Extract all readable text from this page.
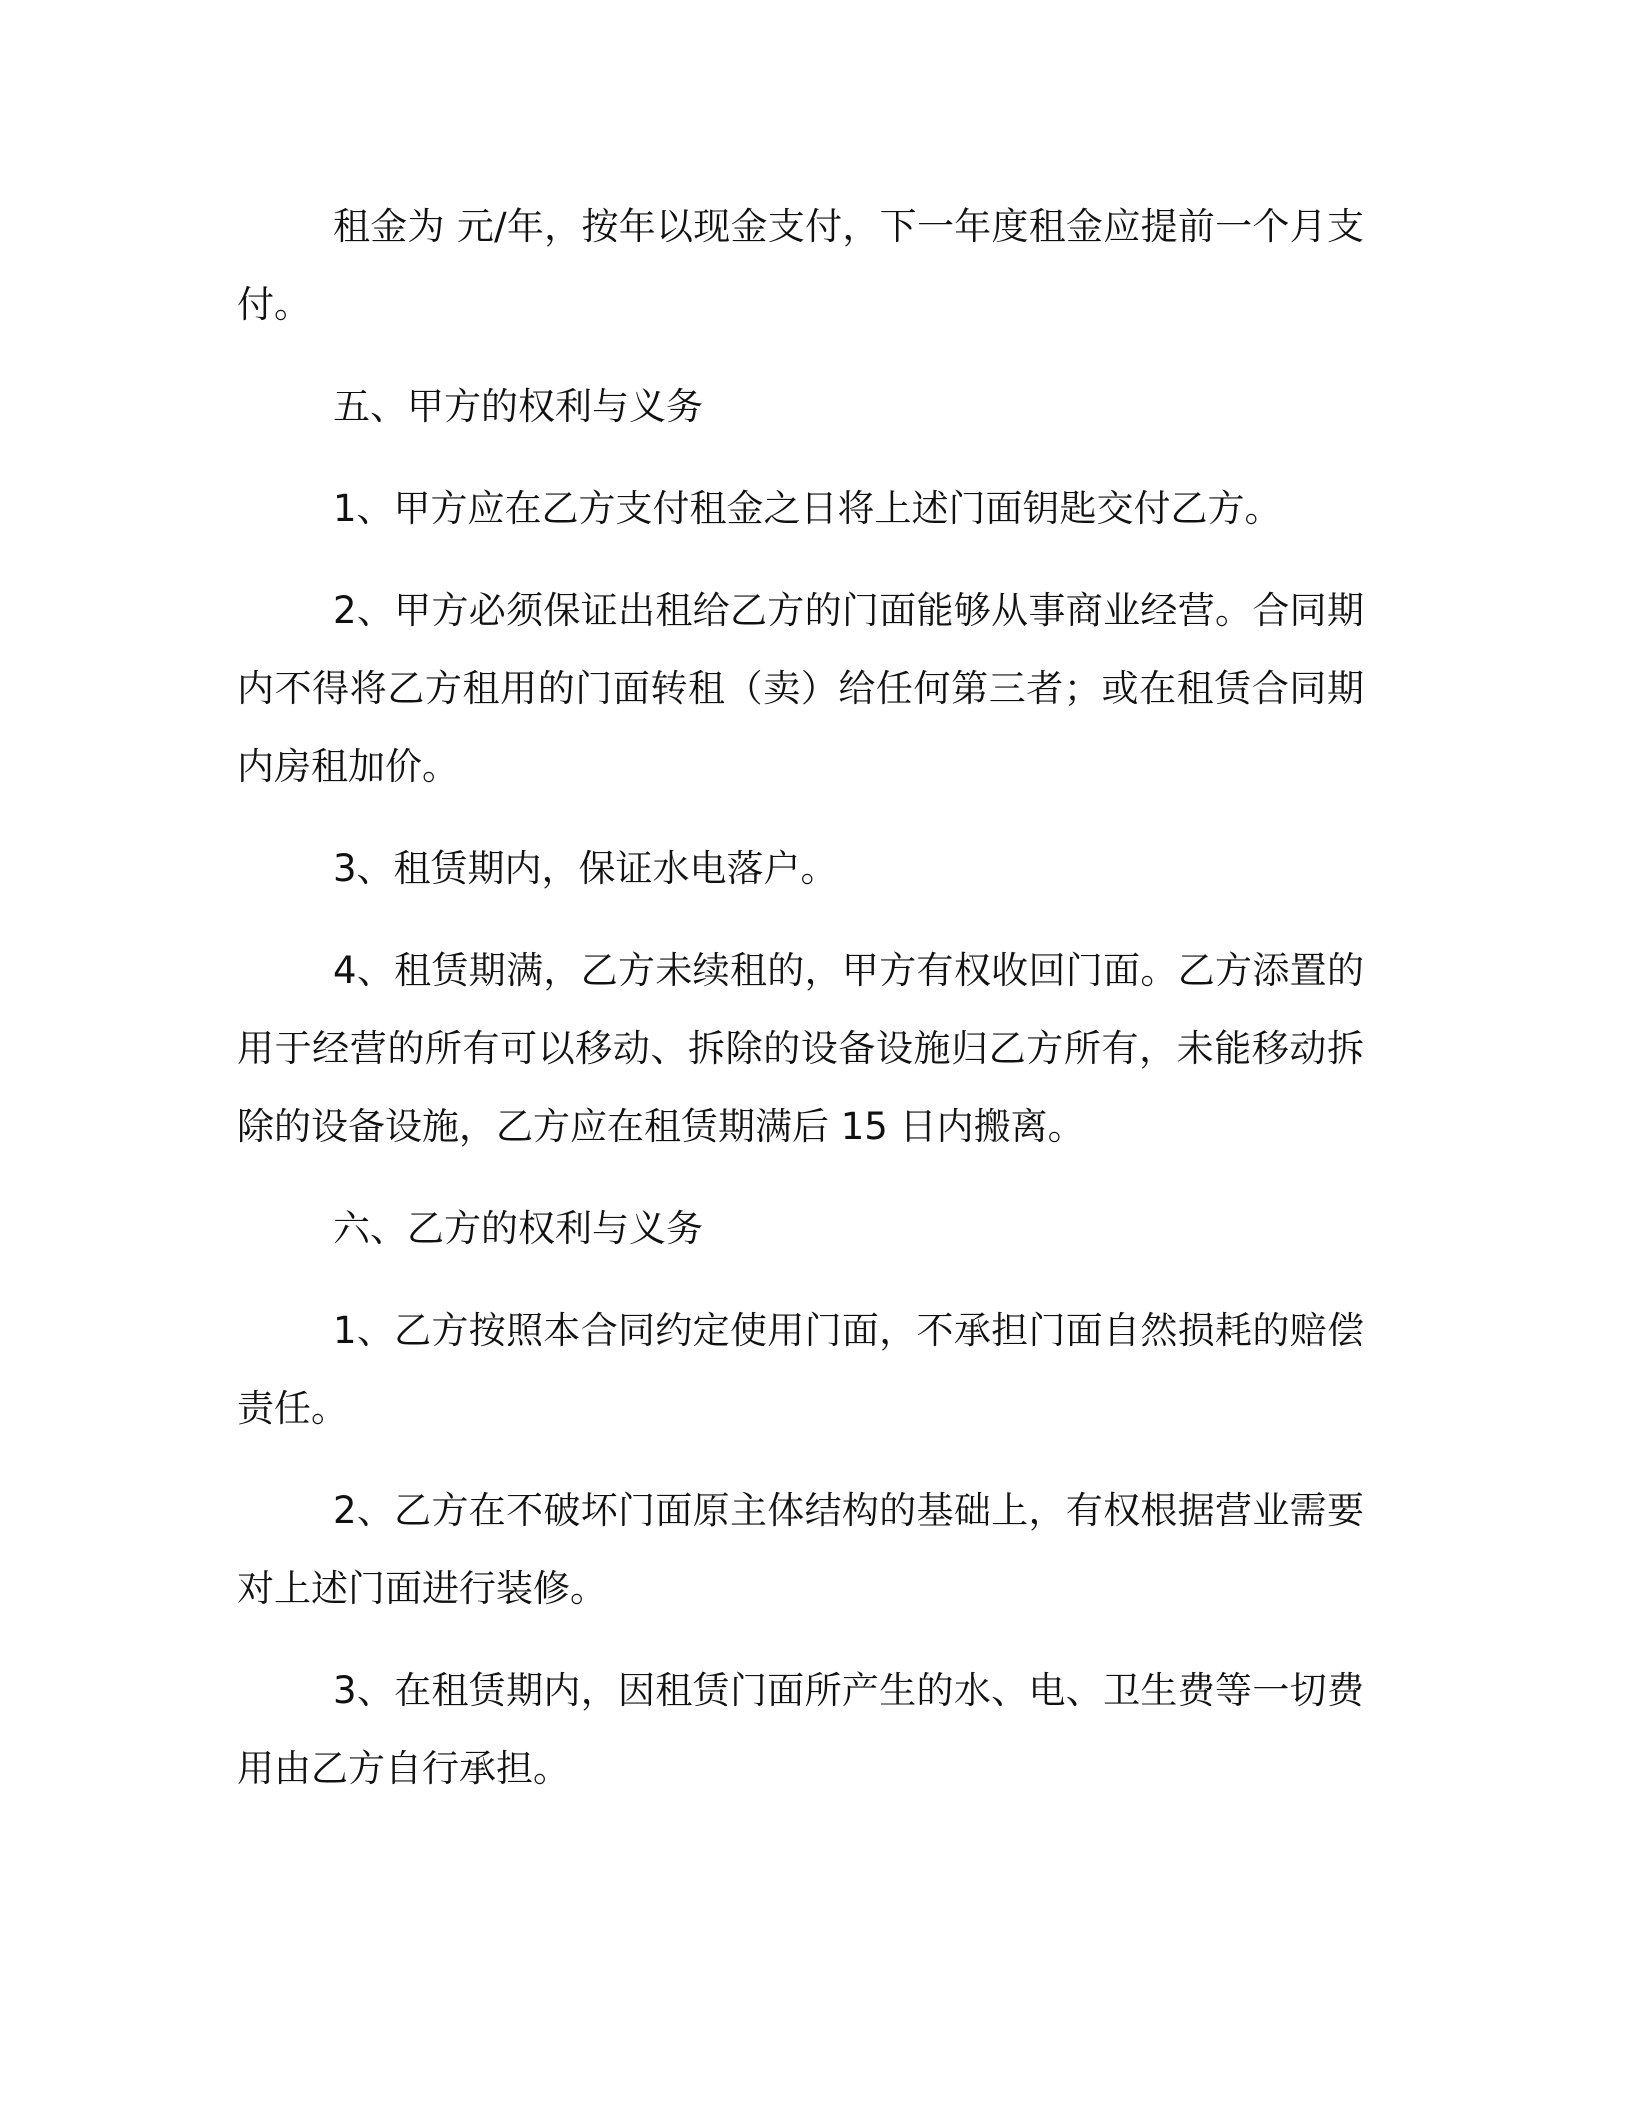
租金为 元/年，按年以现金支付，下一年度租金应提前一个月支付。

五、甲方的权利与义务

1、甲方应在乙方支付租金之日将上述门面钥匙交付乙方。

2、甲方必须保证出租给乙方的门面能够从事商业经营。合同期内不得将乙方租用的门面转租（卖）给任何第三者；或在租赁合同期内房租加价。

3、租赁期内，保证水电落户。

4、租赁期满，乙方未续租的，甲方有权收回门面。乙方添置的用于经营的所有可以移动、拆除的设备设施归乙方所有，未能移动拆除的设备设施，乙方应在租赁期满后 15 日内搬离。

六、乙方的权利与义务

1、乙方按照本合同约定使用门面，不承担门面自然损耗的赔偿责任。

2、乙方在不破坏门面原主体结构的基础上，有权根据营业需要对上述门面进行装修。

3、在租赁期内，因租赁门面所产生的水、电、卫生费等一切费用由乙方自行承担。
